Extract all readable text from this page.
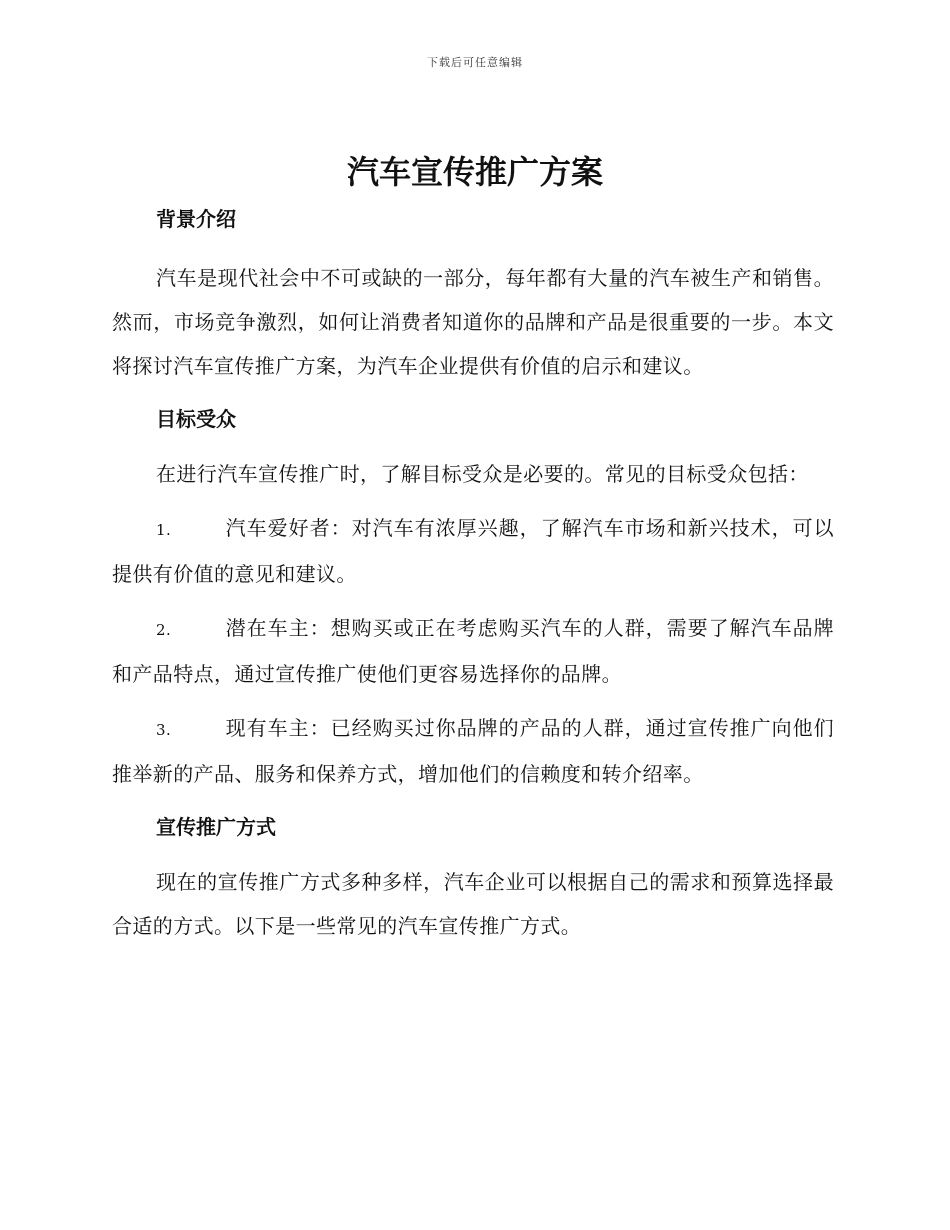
下载后可任意编辑
汽车宣传推广方案
背景介绍

汽车是现代社会中不可或缺的一部分，每年都有大量的汽车被生产和销售。然而，市场竞争激烈，如何让消费者知道你的品牌和产品是很重要的一步。本文将探讨汽车宣传推广方案，为汽车企业提供有价值的启示和建议。

目标受众

在进行汽车宣传推广时，了解目标受众是必要的。常见的目标受众包括：

1.	汽车爱好者：对汽车有浓厚兴趣，了解汽车市场和新兴技术，可以提供有价值的意见和建议。
2.	潜在车主：想购买或正在考虑购买汽车的人群，需要了解汽车品牌和产品特点，通过宣传推广使他们更容易选择你的品牌。
3.	现有车主：已经购买过你品牌的产品的人群，通过宣传推广向他们推举新的产品、服务和保养方式，增加他们的信赖度和转介绍率。
宣传推广方式

现在的宣传推广方式多种多样，汽车企业可以根据自己的需求和预算选择最合适的方式。以下是一些常见的汽车宣传推广方式。
